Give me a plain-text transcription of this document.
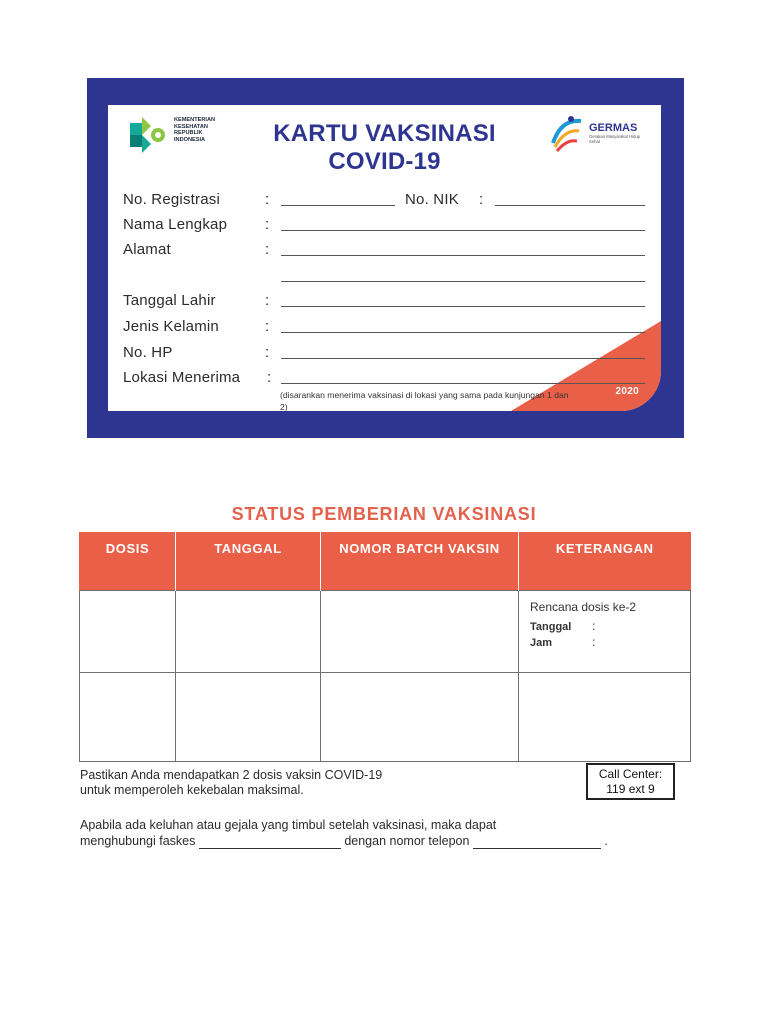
2020
KEMENTERIAN
KESEHATAN
REPUBLIK
INDONESIA	KARTU VAKSINASI
COVID-19
GERMAS
Gerakan Masyarakat Hidup Sehat
No. Registrasi	:	No. NIK :
Nama Lengkap	:
Alamat	:
Tanggal Lahir	:
Jenis Kelamin	:
No. HP	:
Lokasi Menerima :
(disarankan menerima vaksinasi di lokasi yang sama pada kunjungan 1 dan 2)
STATUS PEMBERIAN VAKSINASI
DOSIS	TANGGAL	NOMOR BATCH VAKSIN	KETERANGAN

			Rencana dosis ke-2
Tanggal :
Jam :

Pastikan Anda mendapatkan 2 dosis vaksin COVID-19
untuk memperoleh kekebalan maksimal.

Call Center:
119 ext 9

Apabila ada keluhan atau gejala yang timbul setelah vaksinasi, maka dapat
menghubungi faskes	dengan nomor telepon	.
